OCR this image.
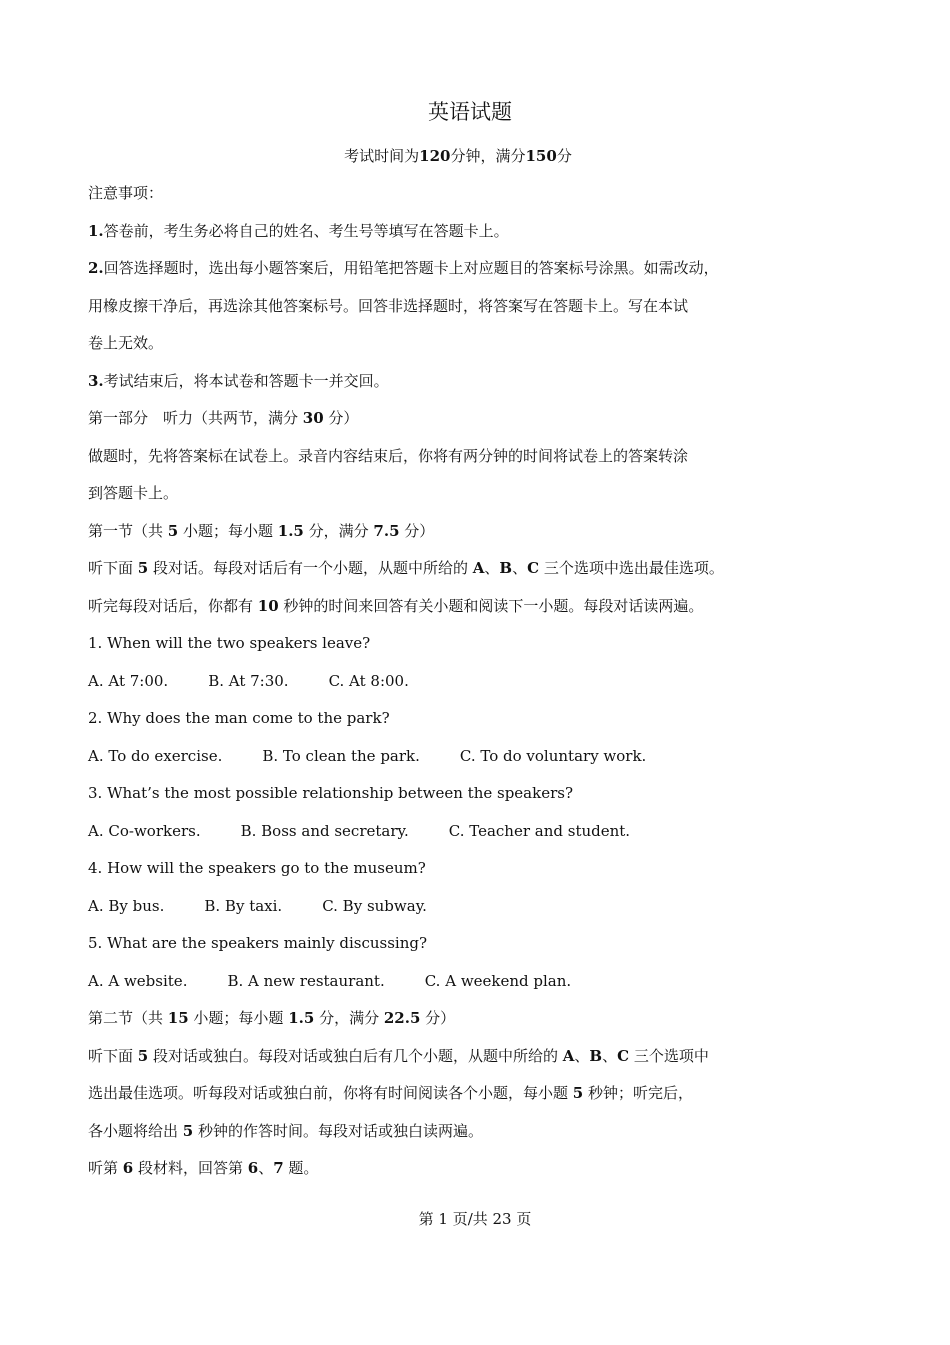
英语试题
考试时间为120分钟，满分150分
注意事项：
1.答卷前，考生务必将自己的姓名、考生号等填写在答题卡上。
2.回答选择题时，选出每小题答案后，用铅笔把答题卡上对应题目的答案标号涂黑。如需改动，
用橡皮擦干净后，再选涂其他答案标号。回答非选择题时，将答案写在答题卡上。写在本试
卷上无效。
3.考试结束后，将本试卷和答题卡一并交回。
第一部分　听力（共两节，满分 30 分）
做题时，先将答案标在试卷上。录音内容结束后，你将有两分钟的时间将试卷上的答案转涂
到答题卡上。
第一节（共 5 小题；每小题 1.5 分，满分 7.5 分）
听下面 5 段对话。每段对话后有一个小题，从题中所给的 A、B、C 三个选项中选出最佳选项。
听完每段对话后，你都有 10 秒钟的时间来回答有关小题和阅读下一小题。每段对话读两遍。
1. When will the two speakers leave?
A. At 7:00.	B. At 7:30.	C. At 8:00.
2. Why does the man come to the park?
A. To do exercise.	B. To clean the park.	C. To do voluntary work.
3. What’s the most possible relationship between the speakers?
A. Co-workers.	B. Boss and secretary.	C. Teacher and student.
4. How will the speakers go to the museum?
A. By bus.	B. By taxi.	C. By subway.
5. What are the speakers mainly discussing?
A. A website.	B. A new restaurant.	C. A weekend plan.
第二节（共 15 小题；每小题 1.5 分，满分 22.5 分）
听下面 5 段对话或独白。每段对话或独白后有几个小题，从题中所给的 A、B、C 三个选项中
选出最佳选项。听每段对话或独白前，你将有时间阅读各个小题，每小题 5 秒钟；听完后，
各小题将给出 5 秒钟的作答时间。每段对话或独白读两遍。
听第 6 段材料，回答第 6、7 题。
第 1 页/共 23 页
